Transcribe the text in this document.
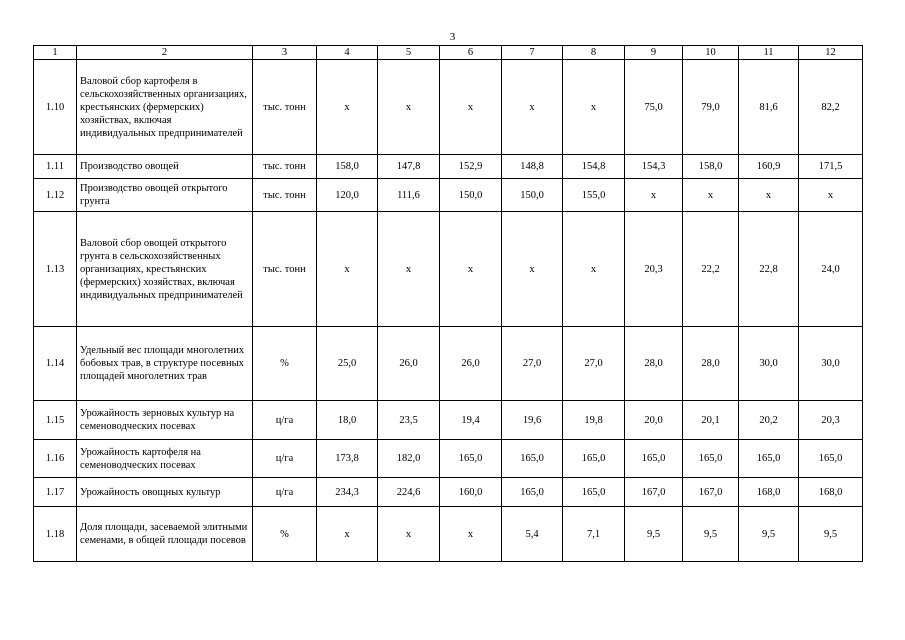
3
1	2	3	4	5	6	7	8	9	10	11	12
1.10	Валовой сбор картофеля в сельскохозяйственных организациях, крестьянских (фермерских) хозяйствах, включая индивидуальных предпринимателей	тыс. тонн	х	х	х	х	х	75,0	79,0	81,6	82,2
1.11	Производство овощей	тыс. тонн	158,0	147,8	152,9	148,8	154,8	154,3	158,0	160,9	171,5
1.12	Производство овощей открытого грунта	тыс. тонн	120,0	111,6	150,0	150,0	155,0	х	х	х	х
1.13	Валовой сбор овощей открытого грунта в сельскохозяйственных организациях, крестьянских (фермерских) хозяйствах, включая индивидуальных предпринимателей	тыс. тонн	х	х	х	х	х	20,3	22,2	22,8	24,0
1.14	Удельный вес площади многолетних бобовых трав, в структуре посевных площадей многолетних трав	%	25,0	26,0	26,0	27,0	27,0	28,0	28,0	30,0	30,0
1.15	Урожайность зерновых культур на семеноводческих посевах	ц/га	18,0	23,5	19,4	19,6	19,8	20,0	20,1	20,2	20,3
1.16	Урожайность картофеля на семеноводческих посевах	ц/га	173,8	182,0	165,0	165,0	165,0	165,0	165,0	165,0	165,0
1.17	Урожайность овощных культур	ц/га	234,3	224,6	160,0	165,0	165,0	167,0	167,0	168,0	168,0
1.18	Доля площади, засеваемой элитными семенами, в общей площади посевов	%	х	х	х	5,4	7,1	9,5	9,5	9,5	9,5
